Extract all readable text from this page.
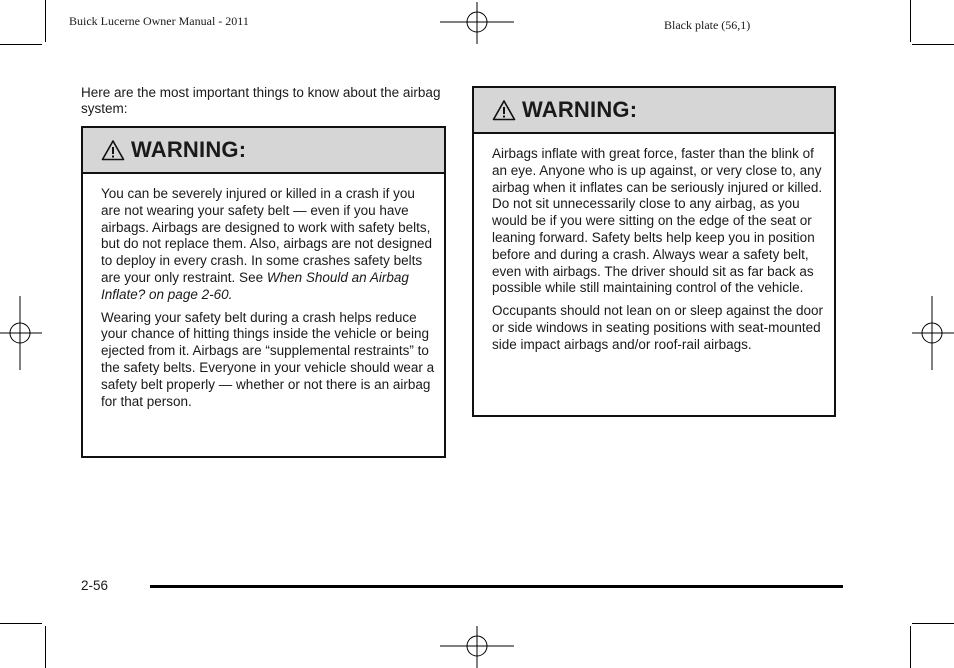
Buick Lucerne Owner Manual - 2011	Black plate (56,1)
Here are the most important things to know about the airbag system:
WARNING:

You can be severely injured or killed in a crash if you are not wearing your safety belt — even if you have airbags. Airbags are designed to work with safety belts, but do not replace them. Also, airbags are not designed to deploy in every crash. In some crashes safety belts are your only restraint. See When Should an Airbag Inflate? on page 2-60.

Wearing your safety belt during a crash helps reduce your chance of hitting things inside the vehicle or being ejected from it. Airbags are “supplemental restraints” to the safety belts. Everyone in your vehicle should wear a safety belt properly — whether or not there is an airbag for that person.

WARNING:

Airbags inflate with great force, faster than the blink of an eye. Anyone who is up against, or very close to, any airbag when it inflates can be seriously injured or killed. Do not sit unnecessarily close to any airbag, as you would be if you were sitting on the edge of the seat or leaning forward. Safety belts help keep you in position before and during a crash. Always wear a safety belt, even with airbags. The driver should sit as far back as possible while still maintaining control of the vehicle.

Occupants should not lean on or sleep against the door or side windows in seating positions with seat-mounted side impact airbags and/or roof-rail airbags.

2-56
